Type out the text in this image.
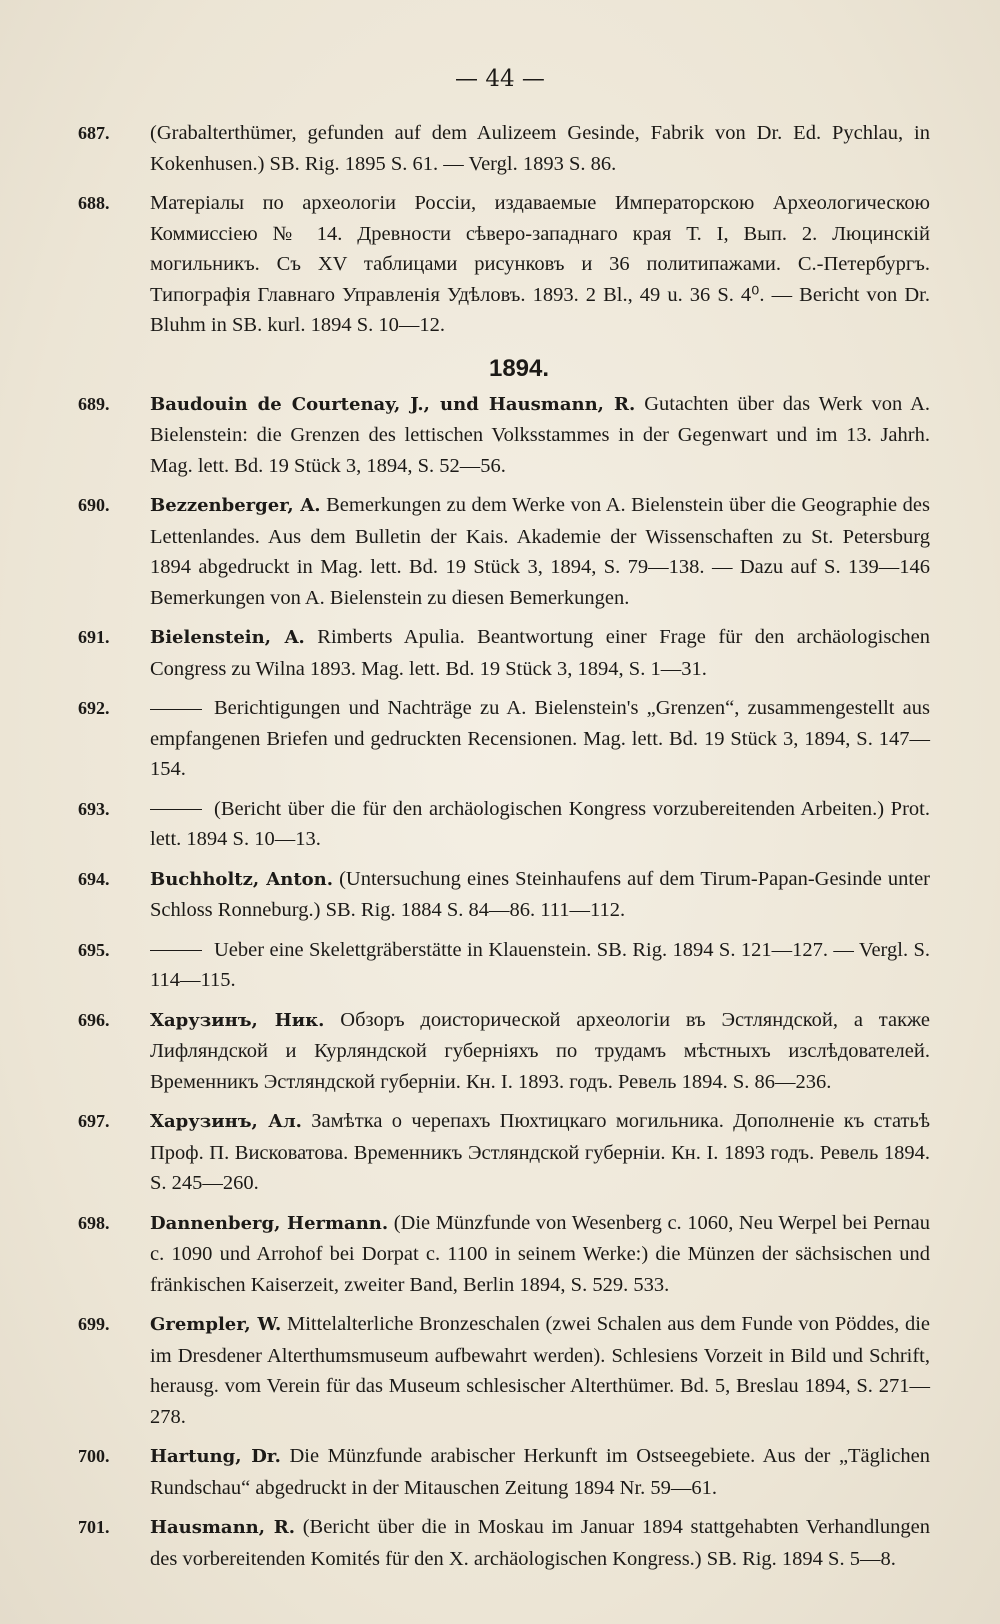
— 44 —
687. (Grabalterthümer, gefunden auf dem Aulizeem Gesinde, Fabrik von Dr. Ed. Pychlau, in Kokenhusen.) SB. Rig. 1895 S. 61. — Vergl. 1893 S. 86.
688. Матеріалы по археологіи Россіи, издаваемые Императорскою Археологическою Коммиссіею № 14. Древности сѣверо-западнаго края Т. I, Вып. 2. Люцинскій могильникъ. Съ XV таблицами рисунковъ и 36 политипажами. С.-Петербургъ. Типографія Главнаго Управленія Удѣловъ. 1893. 2 Bl., 49 u. 36 S. 4⁰. — Bericht von Dr. Bluhm in SB. kurl. 1894 S. 10—12.
1894.
689. Baudouin de Courtenay, J., und Hausmann, R. Gutachten über das Werk von A. Bielenstein: die Grenzen des lettischen Volksstammes in der Gegenwart und im 13. Jahrh. Mag. lett. Bd. 19 Stück 3, 1894, S. 52—56.
690. Bezzenberger, A. Bemerkungen zu dem Werke von A. Bielenstein über die Geographie des Lettenlandes. Aus dem Bulletin der Kais. Akademie der Wissenschaften zu St. Petersburg 1894 abgedruckt in Mag. lett. Bd. 19 Stück 3, 1894, S. 79—138. — Dazu auf S. 139—146 Bemerkungen von A. Bielenstein zu diesen Bemerkungen.
691. Bielenstein, A. Rimberts Apulia. Beantwortung einer Frage für den archäologischen Congress zu Wilna 1893. Mag. lett. Bd. 19 Stück 3, 1894, S. 1—31.
692.	Berichtigungen und Nachträge zu A. Bielenstein's „Grenzen“, zusammengestellt aus empfangenen Briefen und gedruckten Recensionen. Mag. lett. Bd. 19 Stück 3, 1894, S. 147—154.
693.	(Bericht über die für den archäologischen Kongress vorzubereitenden Arbeiten.) Prot. lett. 1894 S. 10—13.
694. Buchholtz, Anton. (Untersuchung eines Steinhaufens auf dem Tirum-Papan-Gesinde unter Schloss Ronneburg.) SB. Rig. 1884 S. 84—86. 111—112.
695.	Ueber eine Skelettgräberstätte in Klauenstein. SB. Rig. 1894 S. 121—127. — Vergl. S. 114—115.
696. Харузинъ, Ник. Обзоръ доисторической археологіи въ Эстляндской, а также Лифляндской и Курляндской губерніяхъ по трудамъ мѣстныхъ изслѣдователей. Временникъ Эстляндской губерніи. Кн. I. 1893. годъ. Ревель 1894. S. 86—236.
697. Харузинъ, Ал. Замѣтка о черепахъ Пюхтицкаго могильника. Дополненіе къ статьѣ Проф. П. Висковатова. Временникъ Эстляндской губерніи. Кн. I. 1893 годъ. Ревель 1894. S. 245—260.
698. Dannenberg, Hermann. (Die Münzfunde von Wesenberg c. 1060, Neu Werpel bei Pernau c. 1090 und Arrohof bei Dorpat c. 1100 in seinem Werke:) die Münzen der sächsischen und fränkischen Kaiserzeit, zweiter Band, Berlin 1894, S. 529. 533.
699. Grempler, W. Mittelalterliche Bronzeschalen (zwei Schalen aus dem Funde von Pöddes, die im Dresdener Alterthumsmuseum aufbewahrt werden). Schlesiens Vorzeit in Bild und Schrift, herausg. vom Verein für das Museum schlesischer Alterthümer. Bd. 5, Breslau 1894, S. 271—278.
700. Hartung, Dr. Die Münzfunde arabischer Herkunft im Ostseegebiete. Aus der „Täglichen Rundschau“ abgedruckt in der Mitauschen Zeitung 1894 Nr. 59—61.
701. Hausmann, R. (Bericht über die in Moskau im Januar 1894 stattgehabten Verhandlungen des vorbereitenden Komités für den X. archäologischen Kongress.) SB. Rig. 1894 S. 5—8.
